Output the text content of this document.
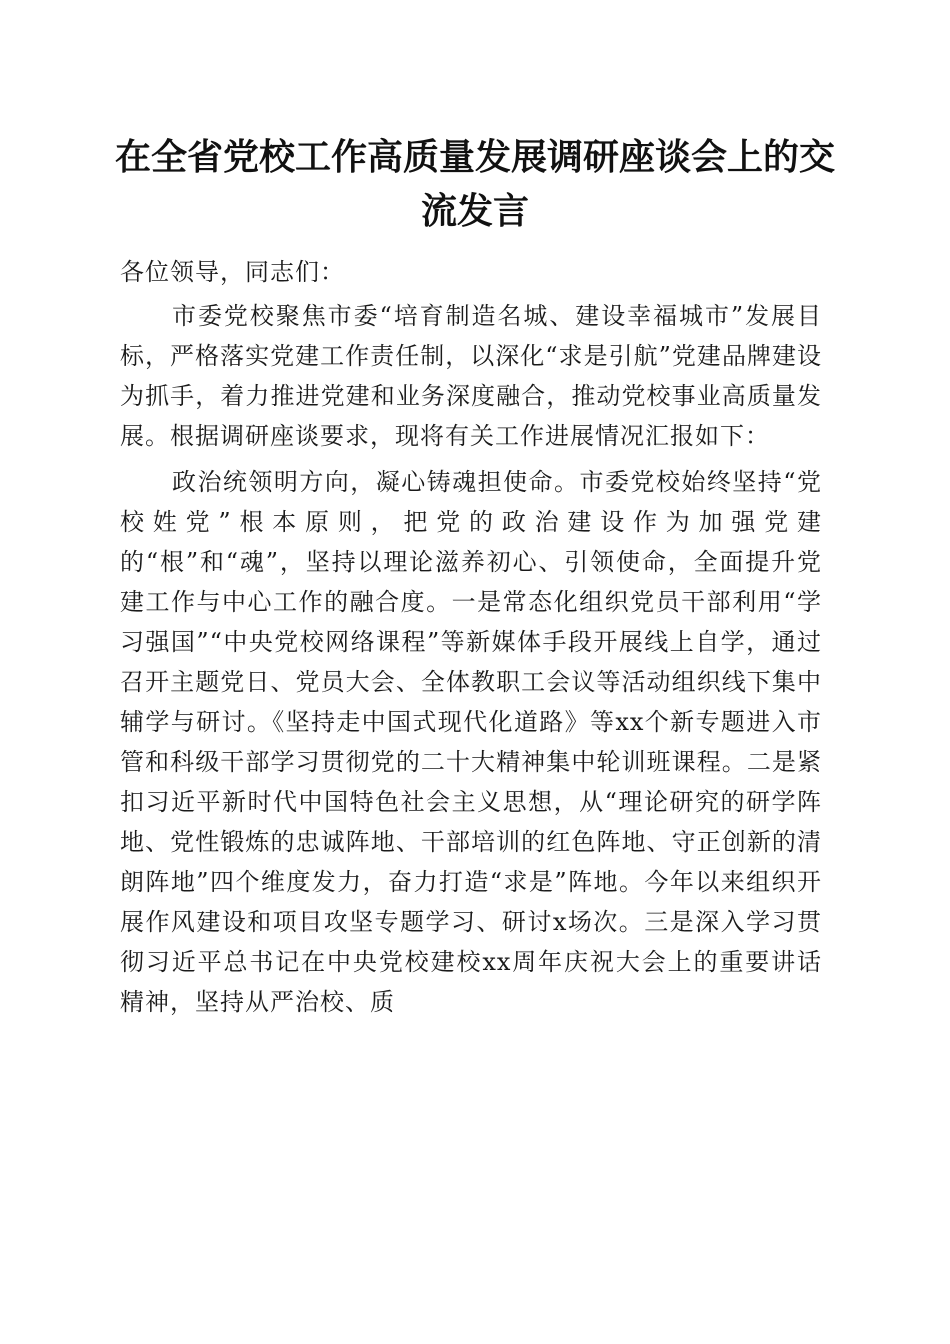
在全省党校工作高质量发展调研座谈会上的交流发言

各位领导，同志们：

市委党校聚焦市委“培育制造名城、建设幸福城市”发展目标，严格落实党建工作责任制，以深化“求是引航”党建品牌建设为抓手，着力推进党建和业务深度融合，推动党校事业高质量发展。根据调研座谈要求，现将有关工作进展情况汇报如下：

政治统领明方向，凝心铸魂担使命。市委党校始终坚持“党校姓党”根本原则，把党的政治建设作为加强党建的“根”和“魂”，坚持以理论滋养初心、引领使命，全面提升党建工作与中心工作的融合度。一是常态化组织党员干部利用“学习强国”“中央党校网络课程”等新媒体手段开展线上自学，通过召开主题党日、党员大会、全体教职工会议等活动组织线下集中辅学与研讨。《坚持走中国式现代化道路》等xx个新专题进入市管和科级干部学习贯彻党的二十大精神集中轮训班课程。二是紧扣习近平新时代中国特色社会主义思想，从“理论研究的研学阵地、党性锻炼的忠诚阵地、干部培训的红色阵地、守正创新的清朗阵地”四个维度发力，奋力打造“求是”阵地。今年以来组织开展作风建设和项目攻坚专题学习、研讨x场次。三是深入学习贯彻习近平总书记在中央党校建校xx周年庆祝大会上的重要讲话精神，坚持从严治校、质
